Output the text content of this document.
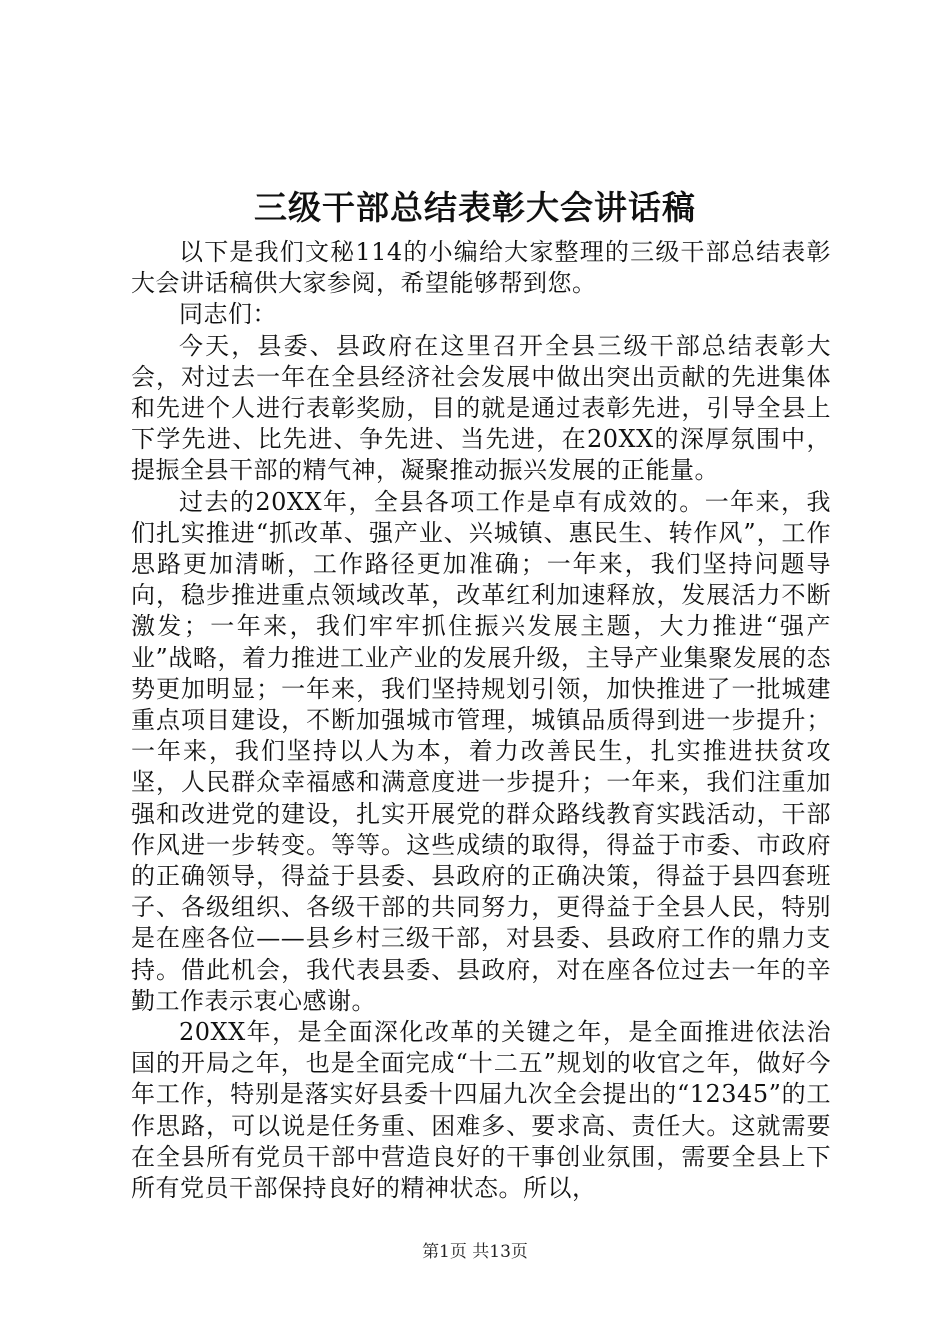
三级干部总结表彰大会讲话稿

以下是我们文秘114的小编给大家整理的三级干部总结表彰大会讲话稿供大家参阅，希望能够帮到您。

同志们：

今天，县委、县政府在这里召开全县三级干部总结表彰大会，对过去一年在全县经济社会发展中做出突出贡献的先进集体和先进个人进行表彰奖励，目的就是通过表彰先进，引导全县上下学先进、比先进、争先进、当先进，在20XX的深厚氛围中，提振全县干部的精气神，凝聚推动振兴发展的正能量。

过去的20XX年，全县各项工作是卓有成效的。一年来，我们扎实推进“抓改革、强产业、兴城镇、惠民生、转作风”，工作思路更加清晰，工作路径更加准确；一年来，我们坚持问题导向，稳步推进重点领域改革，改革红利加速释放，发展活力不断激发；一年来，我们牢牢抓住振兴发展主题，大力推进“强产业”战略，着力推进工业产业的发展升级，主导产业集聚发展的态势更加明显；一年来，我们坚持规划引领，加快推进了一批城建重点项目建设，不断加强城市管理，城镇品质得到进一步提升；一年来，我们坚持以人为本，着力改善民生，扎实推进扶贫攻坚，人民群众幸福感和满意度进一步提升；一年来，我们注重加强和改进党的建设，扎实开展党的群众路线教育实践活动，干部作风进一步转变。等等。这些成绩的取得，得益于市委、市政府的正确领导，得益于县委、县政府的正确决策，得益于县四套班子、各级组织、各级干部的共同努力，更得益于全县人民，特别是在座各位——县乡村三级干部，对县委、县政府工作的鼎力支持。借此机会，我代表县委、县政府，对在座各位过去一年的辛勤工作表示衷心感谢。

20XX年，是全面深化改革的关键之年，是全面推进依法治国的开局之年，也是全面完成“十二五”规划的收官之年，做好今年工作，特别是落实好县委十四届九次全会提出的“12345”的工作思路，可以说是任务重、困难多、要求高、责任大。这就需要在全县所有党员干部中营造良好的干事创业氛围，需要全县上下所有党员干部保持良好的精神状态。所以，

第1页 共13页
